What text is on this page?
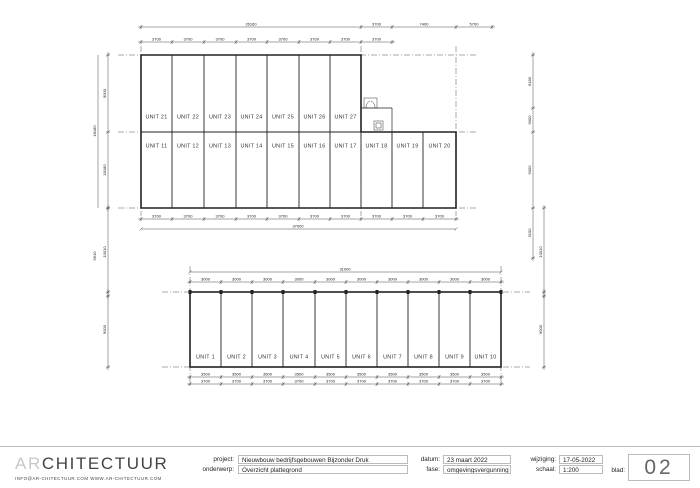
26160	3700	7400	5700
3700	3700	3700	3700	3700	3700	3700	3700
3700	3700	3700	3700	3700	3700	3700	3700	3700	3700
37000
9000
18180
18180
6180
9000
9000
3100
10010
9610	10010
UNIT 21 UNIT 22 UNIT 23 UNIT 24 UNIT 25 UNIT 26 UNIT 27
UNIT 11 UNIT 12 UNIT 13 UNIT 14 UNIT 15 UNIT 16 UNIT 17 UNIT 18 UNIT 19 UNIT 20
31000
3000	3000	3000	3000	3000	3000	3000	3000	3000	3000
3500	3500	3500	3500	3500	3500	3500	3500	3500	3500
3700	3700	3700	3700	3700	3700	3700	3700	3700	3700
9000	9000
UNIT 1 UNIT 2 UNIT 3 UNIT 4 UNIT 5 UNIT 6 UNIT 7 UNIT 8 UNIT 9 UNIT 10
ARCHITECTUUR
INFO@AR-CHITECTUUR.COM WWW.AR-CHITECTUUR.COM
project:	Nieuwbouw bedrijfsgebouwen Bijzonder Druk
onderwerp:	Overzicht plattegrond
datum:	23 maart 2022
fase:	omgevingsvergunning
wijziging:	17-05-2022
schaal:	1:200	blad: 02
